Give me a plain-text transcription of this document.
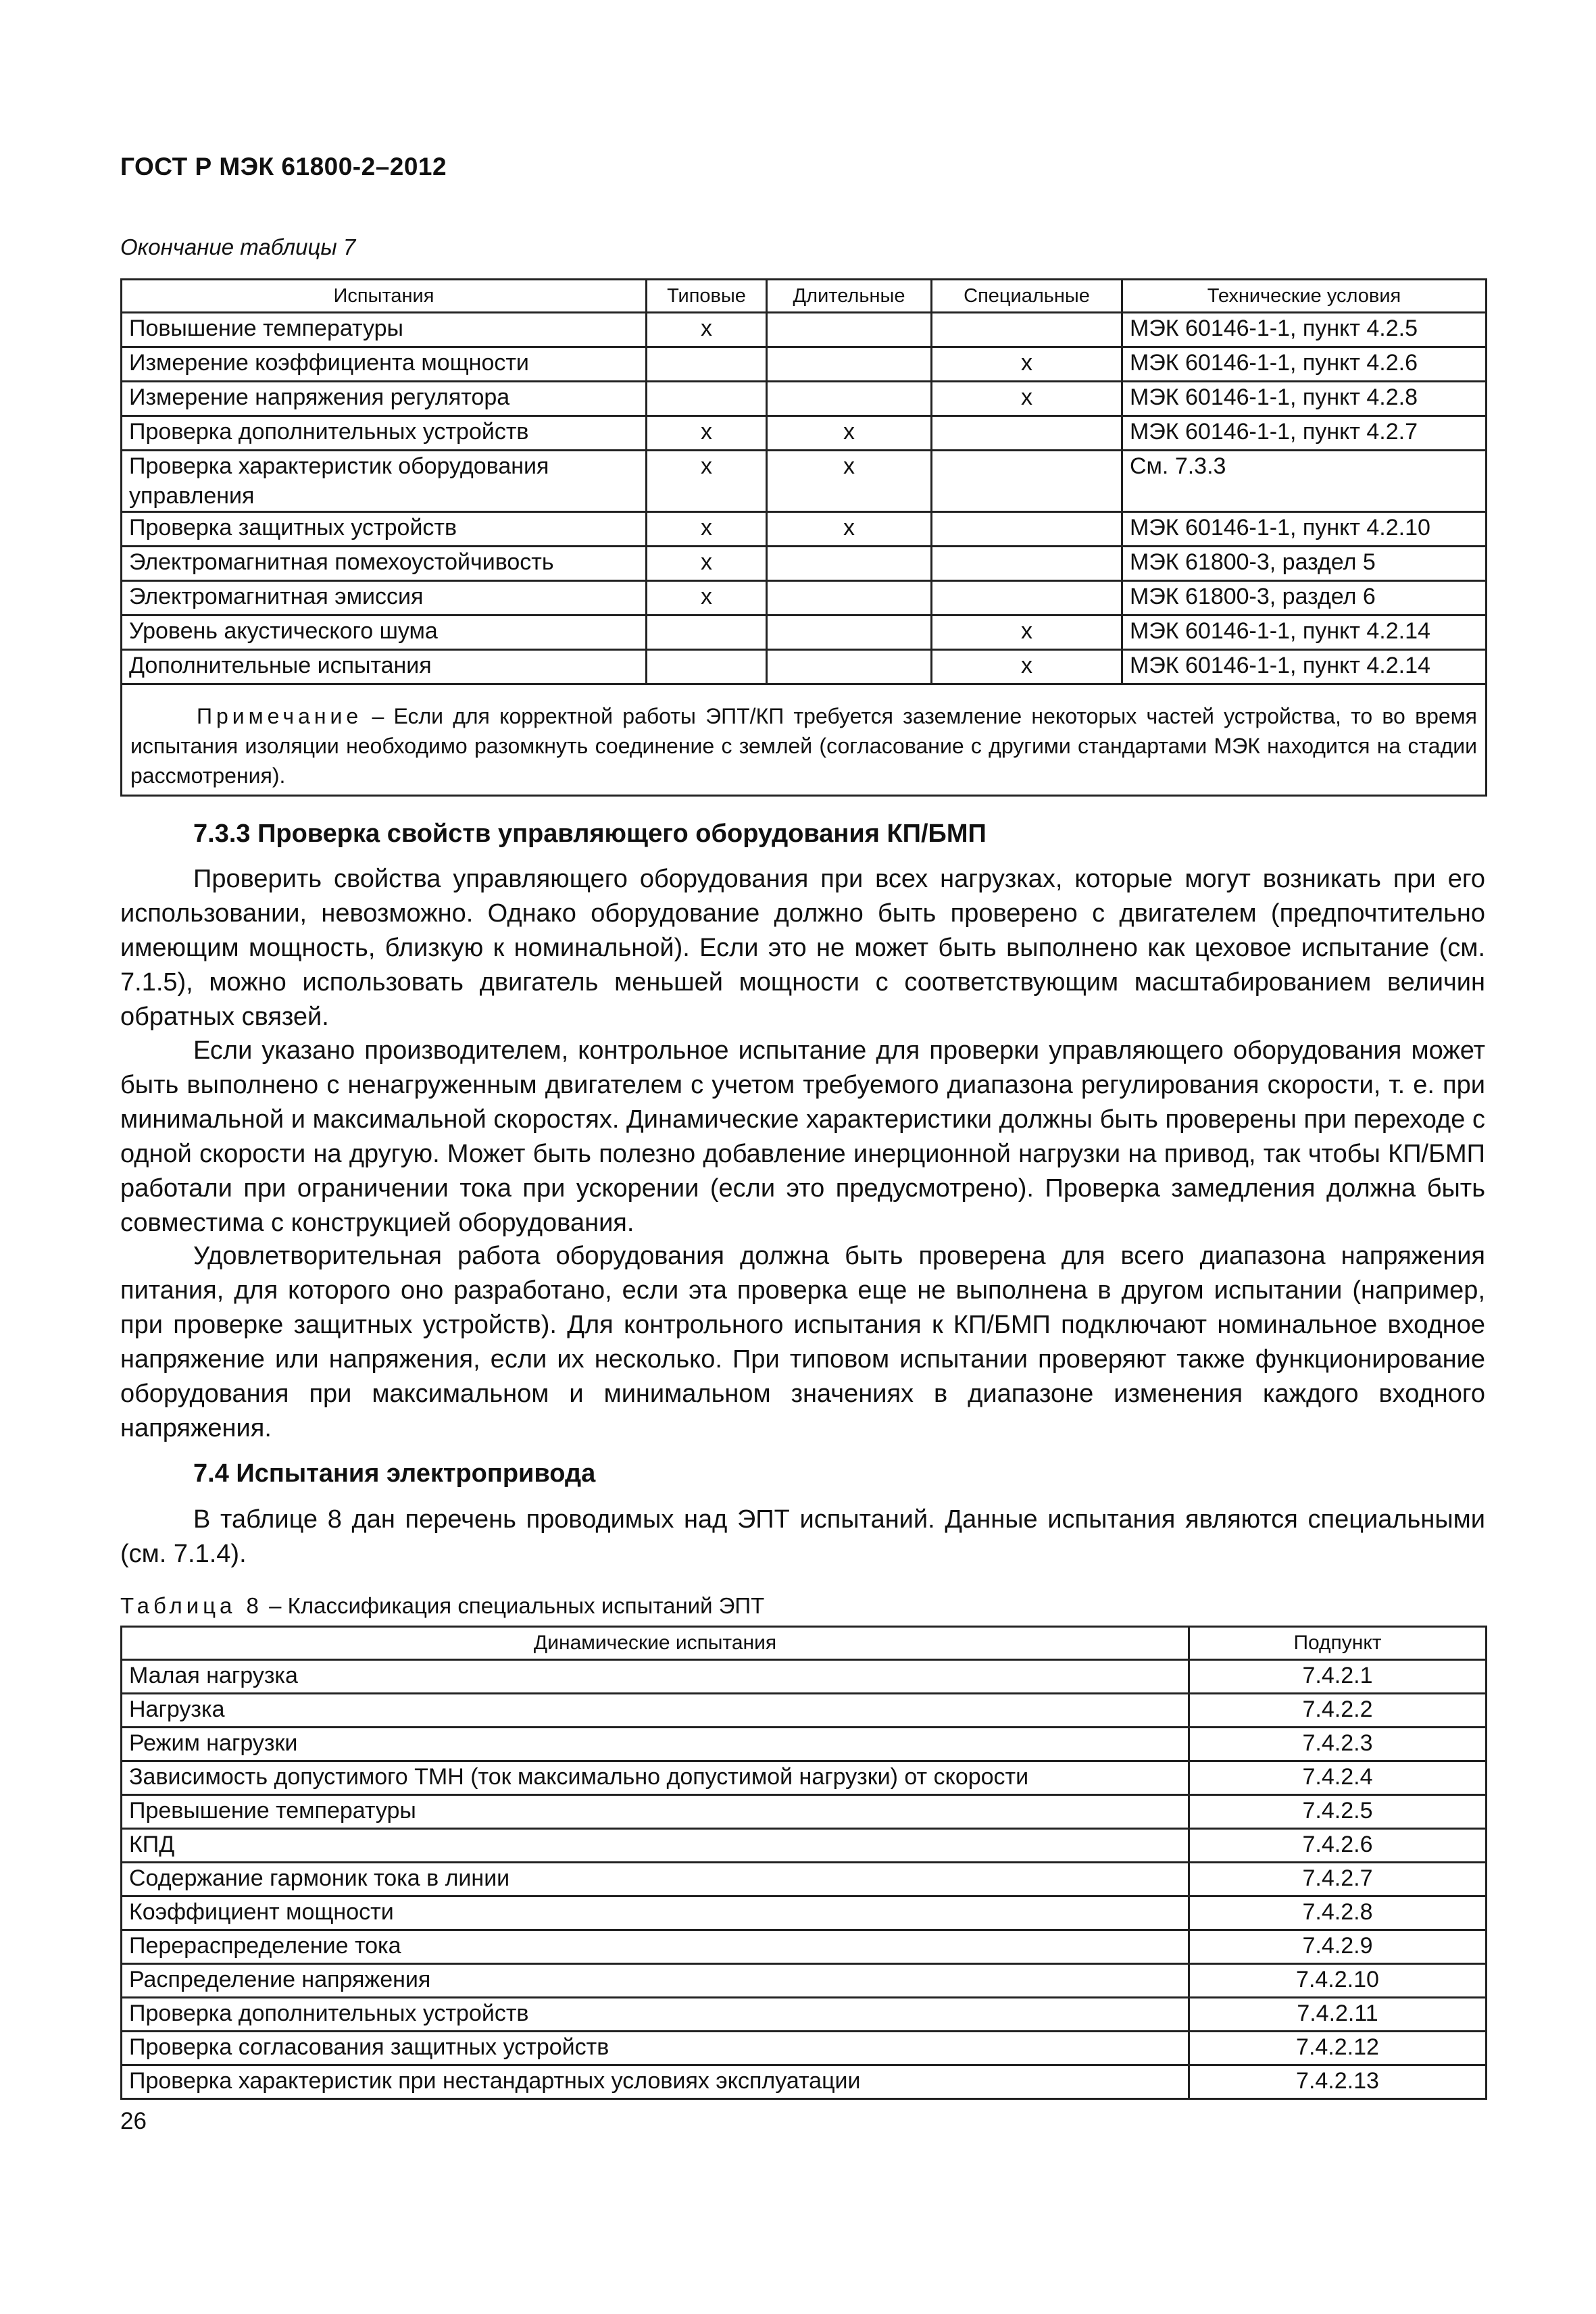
ГОСТ Р МЭК 61800-2–2012
Окончание таблицы 7
Испытания	Типовые	Длительные	Специальные	Технические условия
Повышение температуры	x			МЭК 60146-1-1, пункт 4.2.5
Измерение коэффициента мощности			x	МЭК 60146-1-1, пункт 4.2.6
Измерение напряжения регулятора			x	МЭК 60146-1-1, пункт 4.2.8
Проверка дополнительных устройств	x	x		МЭК 60146-1-1, пункт 4.2.7
Проверка характеристик оборудования управления	x	x		См. 7.3.3
Проверка защитных устройств	x	x		МЭК 60146-1-1, пункт 4.2.10
Электромагнитная помехоустойчивость	x			МЭК 61800-3, раздел 5
Электромагнитная эмиссия	x			МЭК 61800-3, раздел 6
Уровень акустического шума			x	МЭК 60146-1-1, пункт 4.2.14
Дополнительные испытания			x	МЭК 60146-1-1, пункт 4.2.14
Примечание – Если для корректной работы ЭПТ/КП требуется заземление некоторых частей устройства, то во время испытания изоляции необходимо разомкнуть соединение с землей (согласование с другими стандартами МЭК находится на стадии рассмотрения).				
7.3.3 Проверка свойств управляющего оборудования КП/БМП

Проверить свойства управляющего оборудования при всех нагрузках, которые могут возникать при его использовании, невозможно. Однако оборудование должно быть проверено с двигателем (предпочтительно имеющим мощность, близкую к номинальной). Если это не может быть выполнено как цеховое испытание (см. 7.1.5), можно использовать двигатель меньшей мощности с соответствующим масштабированием величин обратных связей.

Если указано производителем, контрольное испытание для проверки управляющего оборудования может быть выполнено с ненагруженным двигателем с учетом требуемого диапазона регулирования скорости, т. е. при минимальной и максимальной скоростях. Динамические характеристики должны быть проверены при переходе с одной скорости на другую. Может быть полезно добавление инерционной нагрузки на привод, так чтобы КП/БМП работали при ограничении тока при ускорении (если это предусмотрено). Проверка замедления должна быть совместима с конструкцией оборудования.

Удовлетворительная работа оборудования должна быть проверена для всего диапазона напряжения питания, для которого оно разработано, если эта проверка еще не выполнена в другом испытании (например, при проверке защитных устройств). Для контрольного испытания к КП/БМП подключают номинальное входное напряжение или напряжения, если их несколько. При типовом испытании проверяют также функционирование оборудования при максимальном и минимальном значениях в диапазоне изменения каждого входного напряжения.

7.4 Испытания электропривода

В таблице 8 дан перечень проводимых над ЭПТ испытаний. Данные испытания являются специальными (см. 7.1.4).

Таблица 8 – Классификация специальных испытаний ЭПТ
Динамические испытания	Подпункт
Малая нагрузка	7.4.2.1
Нагрузка	7.4.2.2
Режим нагрузки	7.4.2.3
Зависимость допустимого ТМН (ток максимально допустимой нагрузки) от скорости	7.4.2.4
Превышение температуры	7.4.2.5
КПД	7.4.2.6
Содержание гармоник тока в линии	7.4.2.7
Коэффициент мощности	7.4.2.8
Перераспределение тока	7.4.2.9
Распределение напряжения	7.4.2.10
Проверка дополнительных устройств	7.4.2.11
Проверка согласования защитных устройств	7.4.2.12
Проверка характеристик при нестандартных условиях эксплуатации	7.4.2.13
26
